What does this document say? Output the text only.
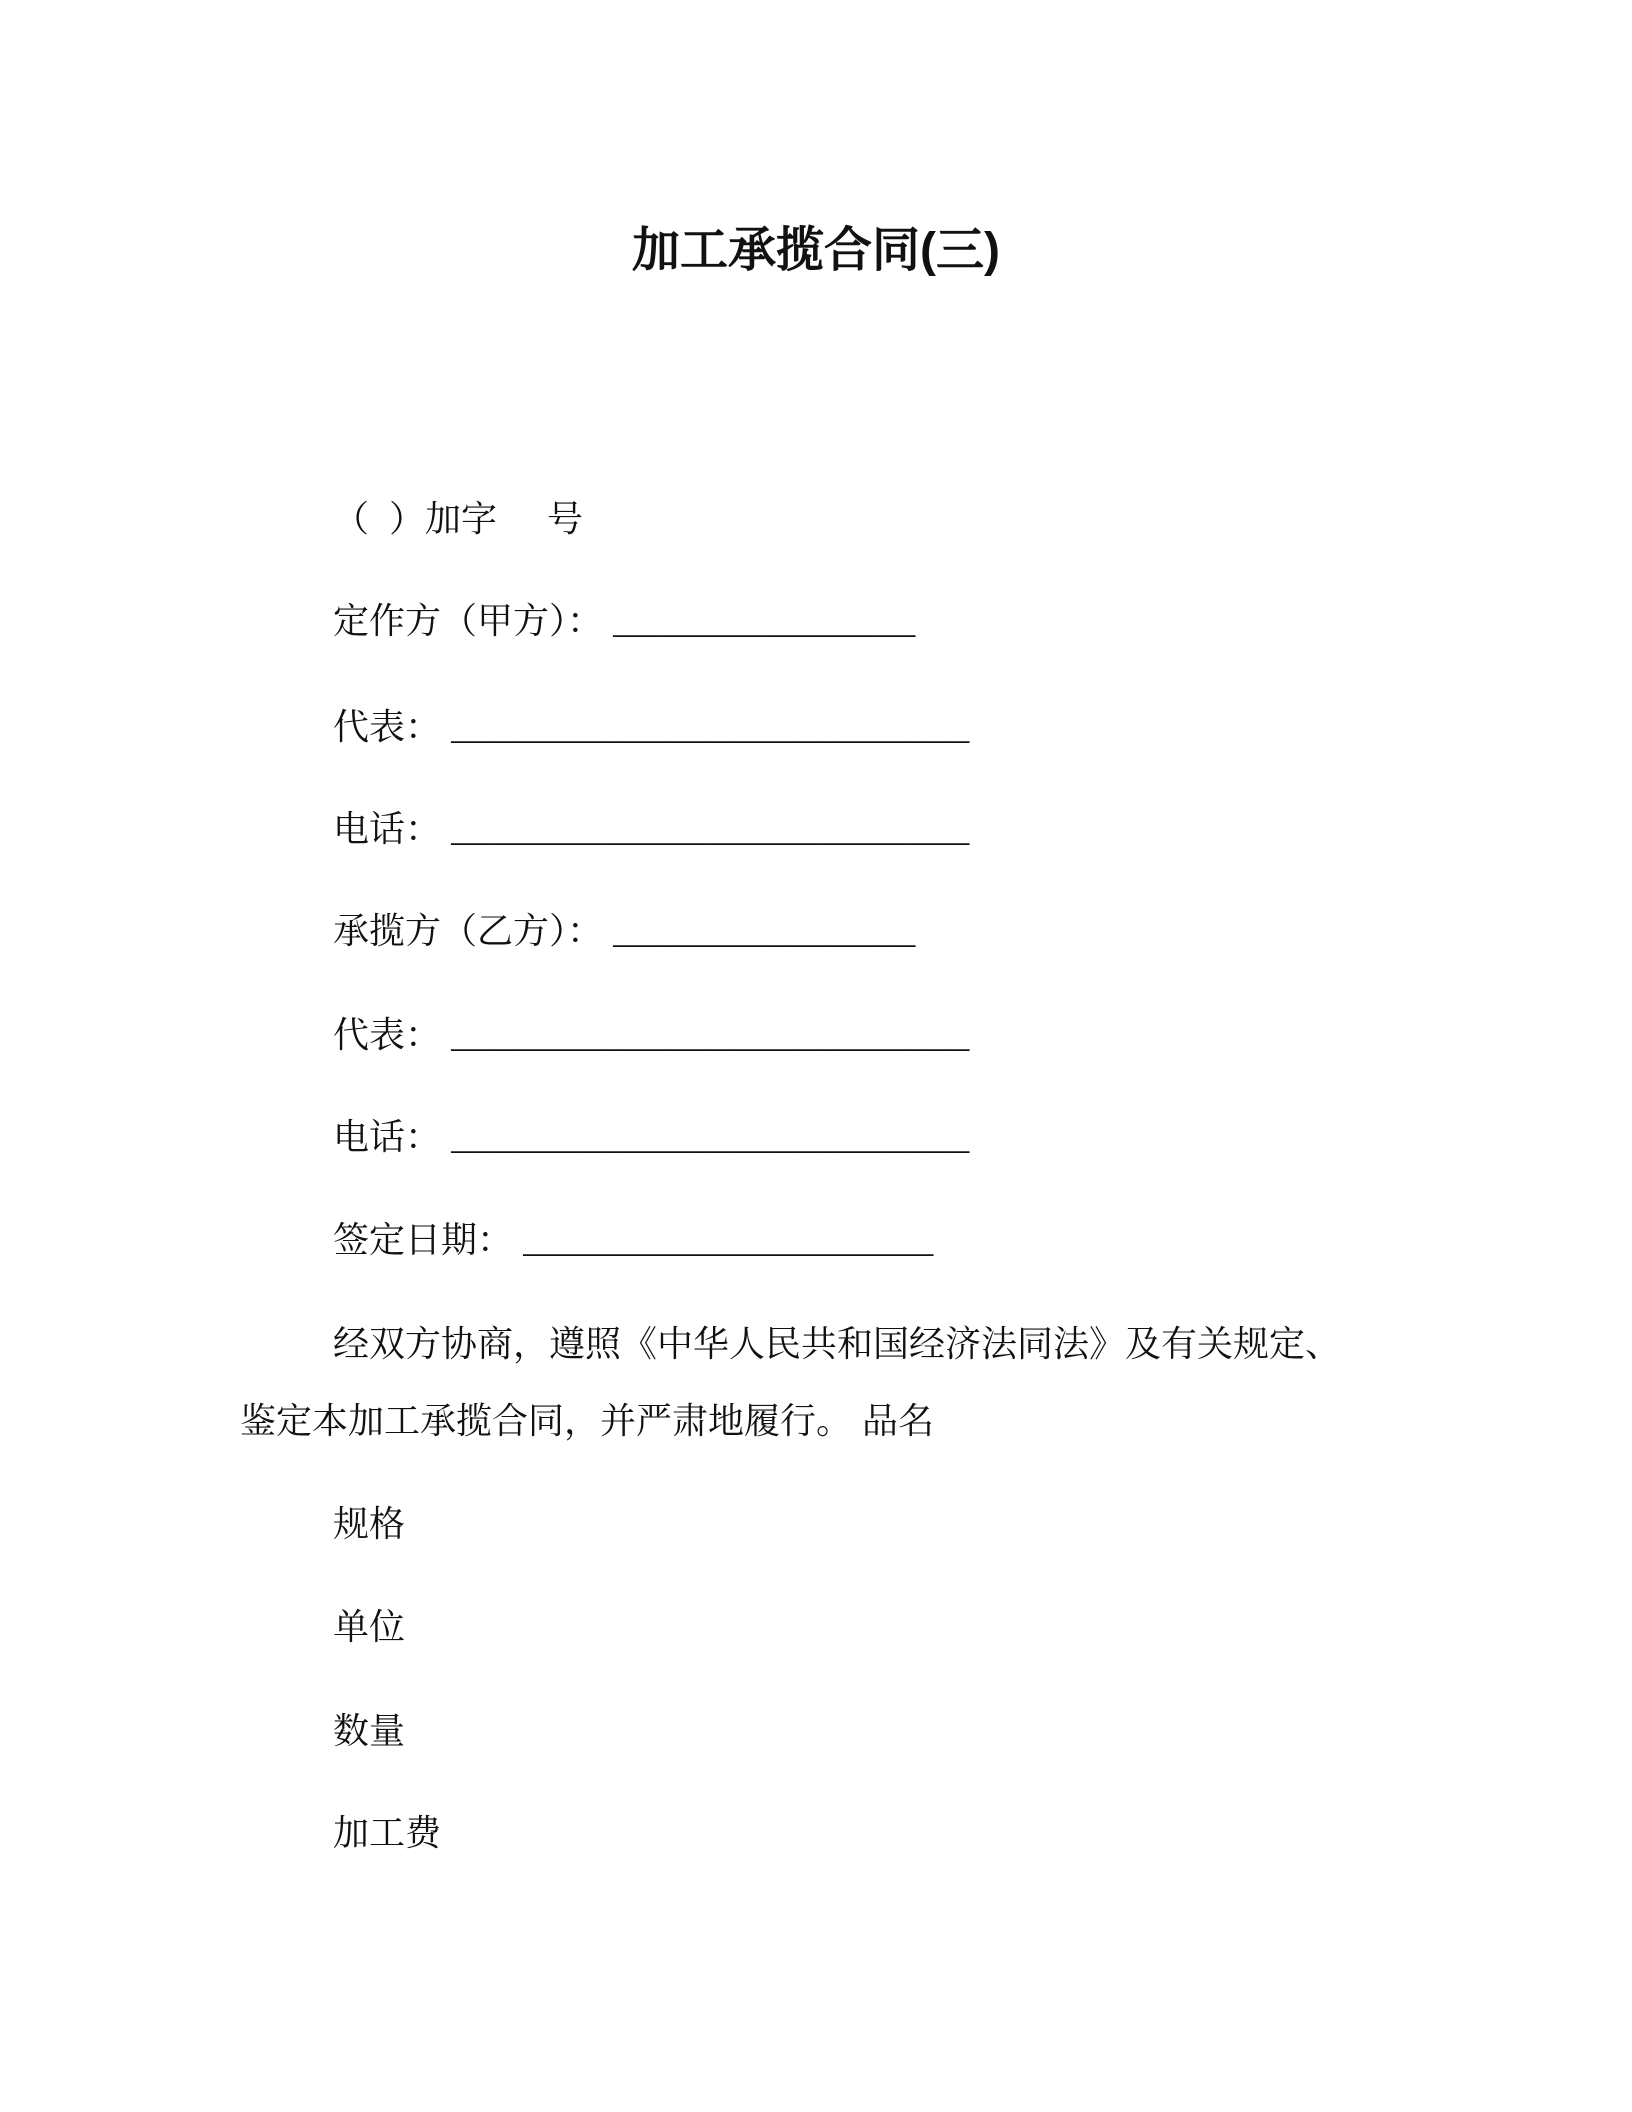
加工承揽合同(三)
（  ）加字     号
定作方（甲方）： ______________
代表： ________________________
电话： ________________________
承揽方（乙方）： ______________
代表： ________________________
电话： ________________________
签定日期： ___________________
经双方协商，遵照《中华人民共和国经济法同法》及有关规定、
鉴定本加工承揽合同，并严肃地履行。 品名
规格
单位
数量
加工费
